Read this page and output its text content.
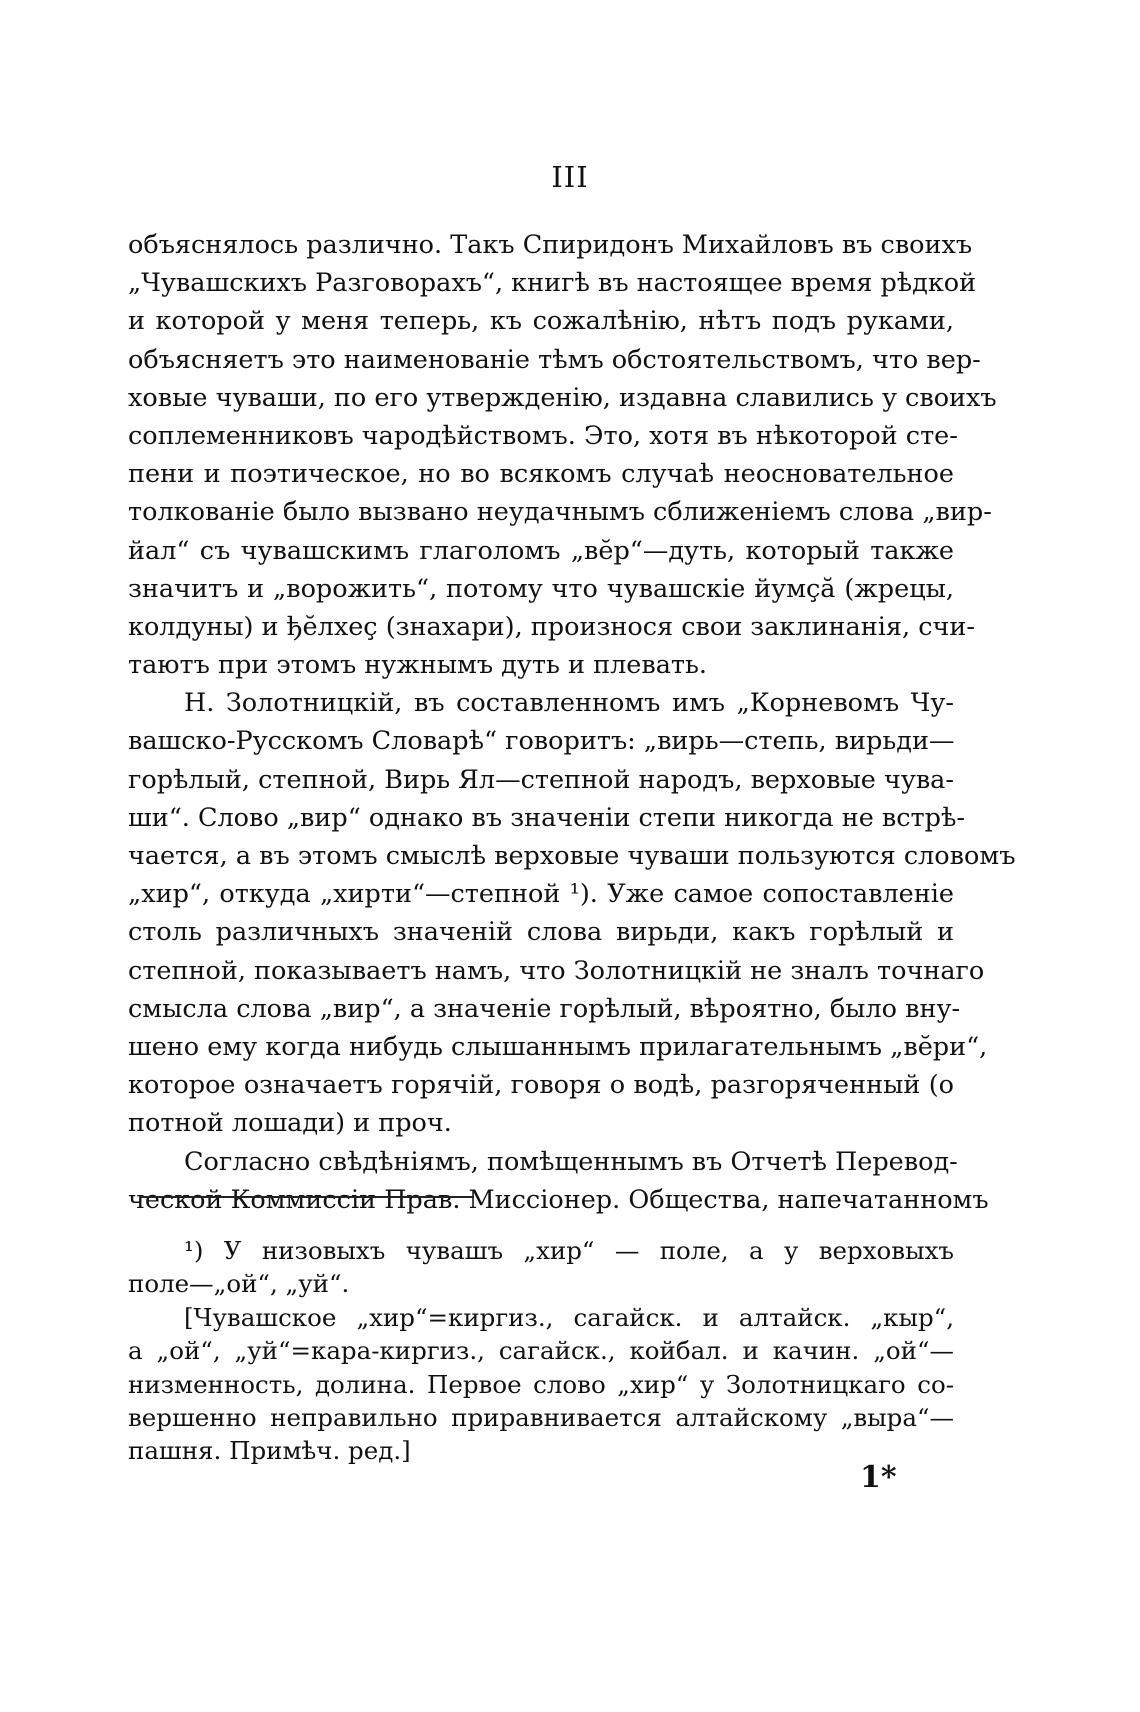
III
объяснялось различно. Такъ Спиридонъ Михайловъ въ своихъ
„Чувашскихъ Разговорахъ“, книгѣ въ настоящее время рѣдкой
и которой у меня теперь, къ сожалѣнію, нѣтъ подъ руками,
объясняетъ это наименованіе тѣмъ обстоятельствомъ, что вер-
ховые чуваши, по его утвержденію, издавна славились у своихъ
соплеменниковъ чародѣйствомъ. Это, хотя въ нѣкоторой сте-
пени и поэтическое, но во всякомъ случаѣ неосновательное
толкованіе было вызвано неудачнымъ сближеніемъ слова „вир-
йал“ съ чувашскимъ глаголомъ „вĕр“—дуть, который также
значитъ и „ворожить“, потому что чувашскіе йумçă (жрецы,
колдуны) и ђĕлхеç (знахари), произнося свои заклинанія, счи-
таютъ при этомъ нужнымъ дуть и плевать.
Н. Золотницкій, въ составленномъ имъ „Корневомъ Чу-
вашско-Русскомъ Словарѣ“ говоритъ: „вирь—степь, вирьди—
горѣлый, степной, Вирь Ял—степной народъ, верховые чува-
ши“. Слово „вир“ однако въ значеніи степи никогда не встрѣ-
чается, а въ этомъ смыслѣ верховые чуваши пользуются словомъ
„хир“, откуда „хирти“—степной ¹). Уже самое сопоставленіе
столь различныхъ значеній слова вирьди, какъ горѣлый и
степной, показываетъ намъ, что Золотницкій не зналъ точнаго
смысла слова „вир“, а значеніе горѣлый, вѣроятно, было вну-
шено ему когда нибудь слышаннымъ прилагательнымъ „вĕри“,
которое означаетъ горячій, говоря о водѣ, разгоряченный (о
потной лошади) и проч.
Согласно свѣдѣніямъ, помѣщеннымъ въ Отчетѣ Перевод-
ческой Коммиссіи Прав. Миссіонер. Общества, напечатанномъ
¹) У низовыхъ чувашъ „хир“ — поле, а у верховыхъ
поле—„ой“, „уй“.
[Чувашское „хир“=киргиз., сагайск. и алтайск. „кыр“,
а „ой“, „уй“=кара-киргиз., сагайск., койбал. и качин. „ой“—
низменность, долина. Первое слово „хир“ у Золотницкаго со-
вершенно неправильно приравнивается алтайскому „выра“—
пашня. Примѣч. ред.]
1*
